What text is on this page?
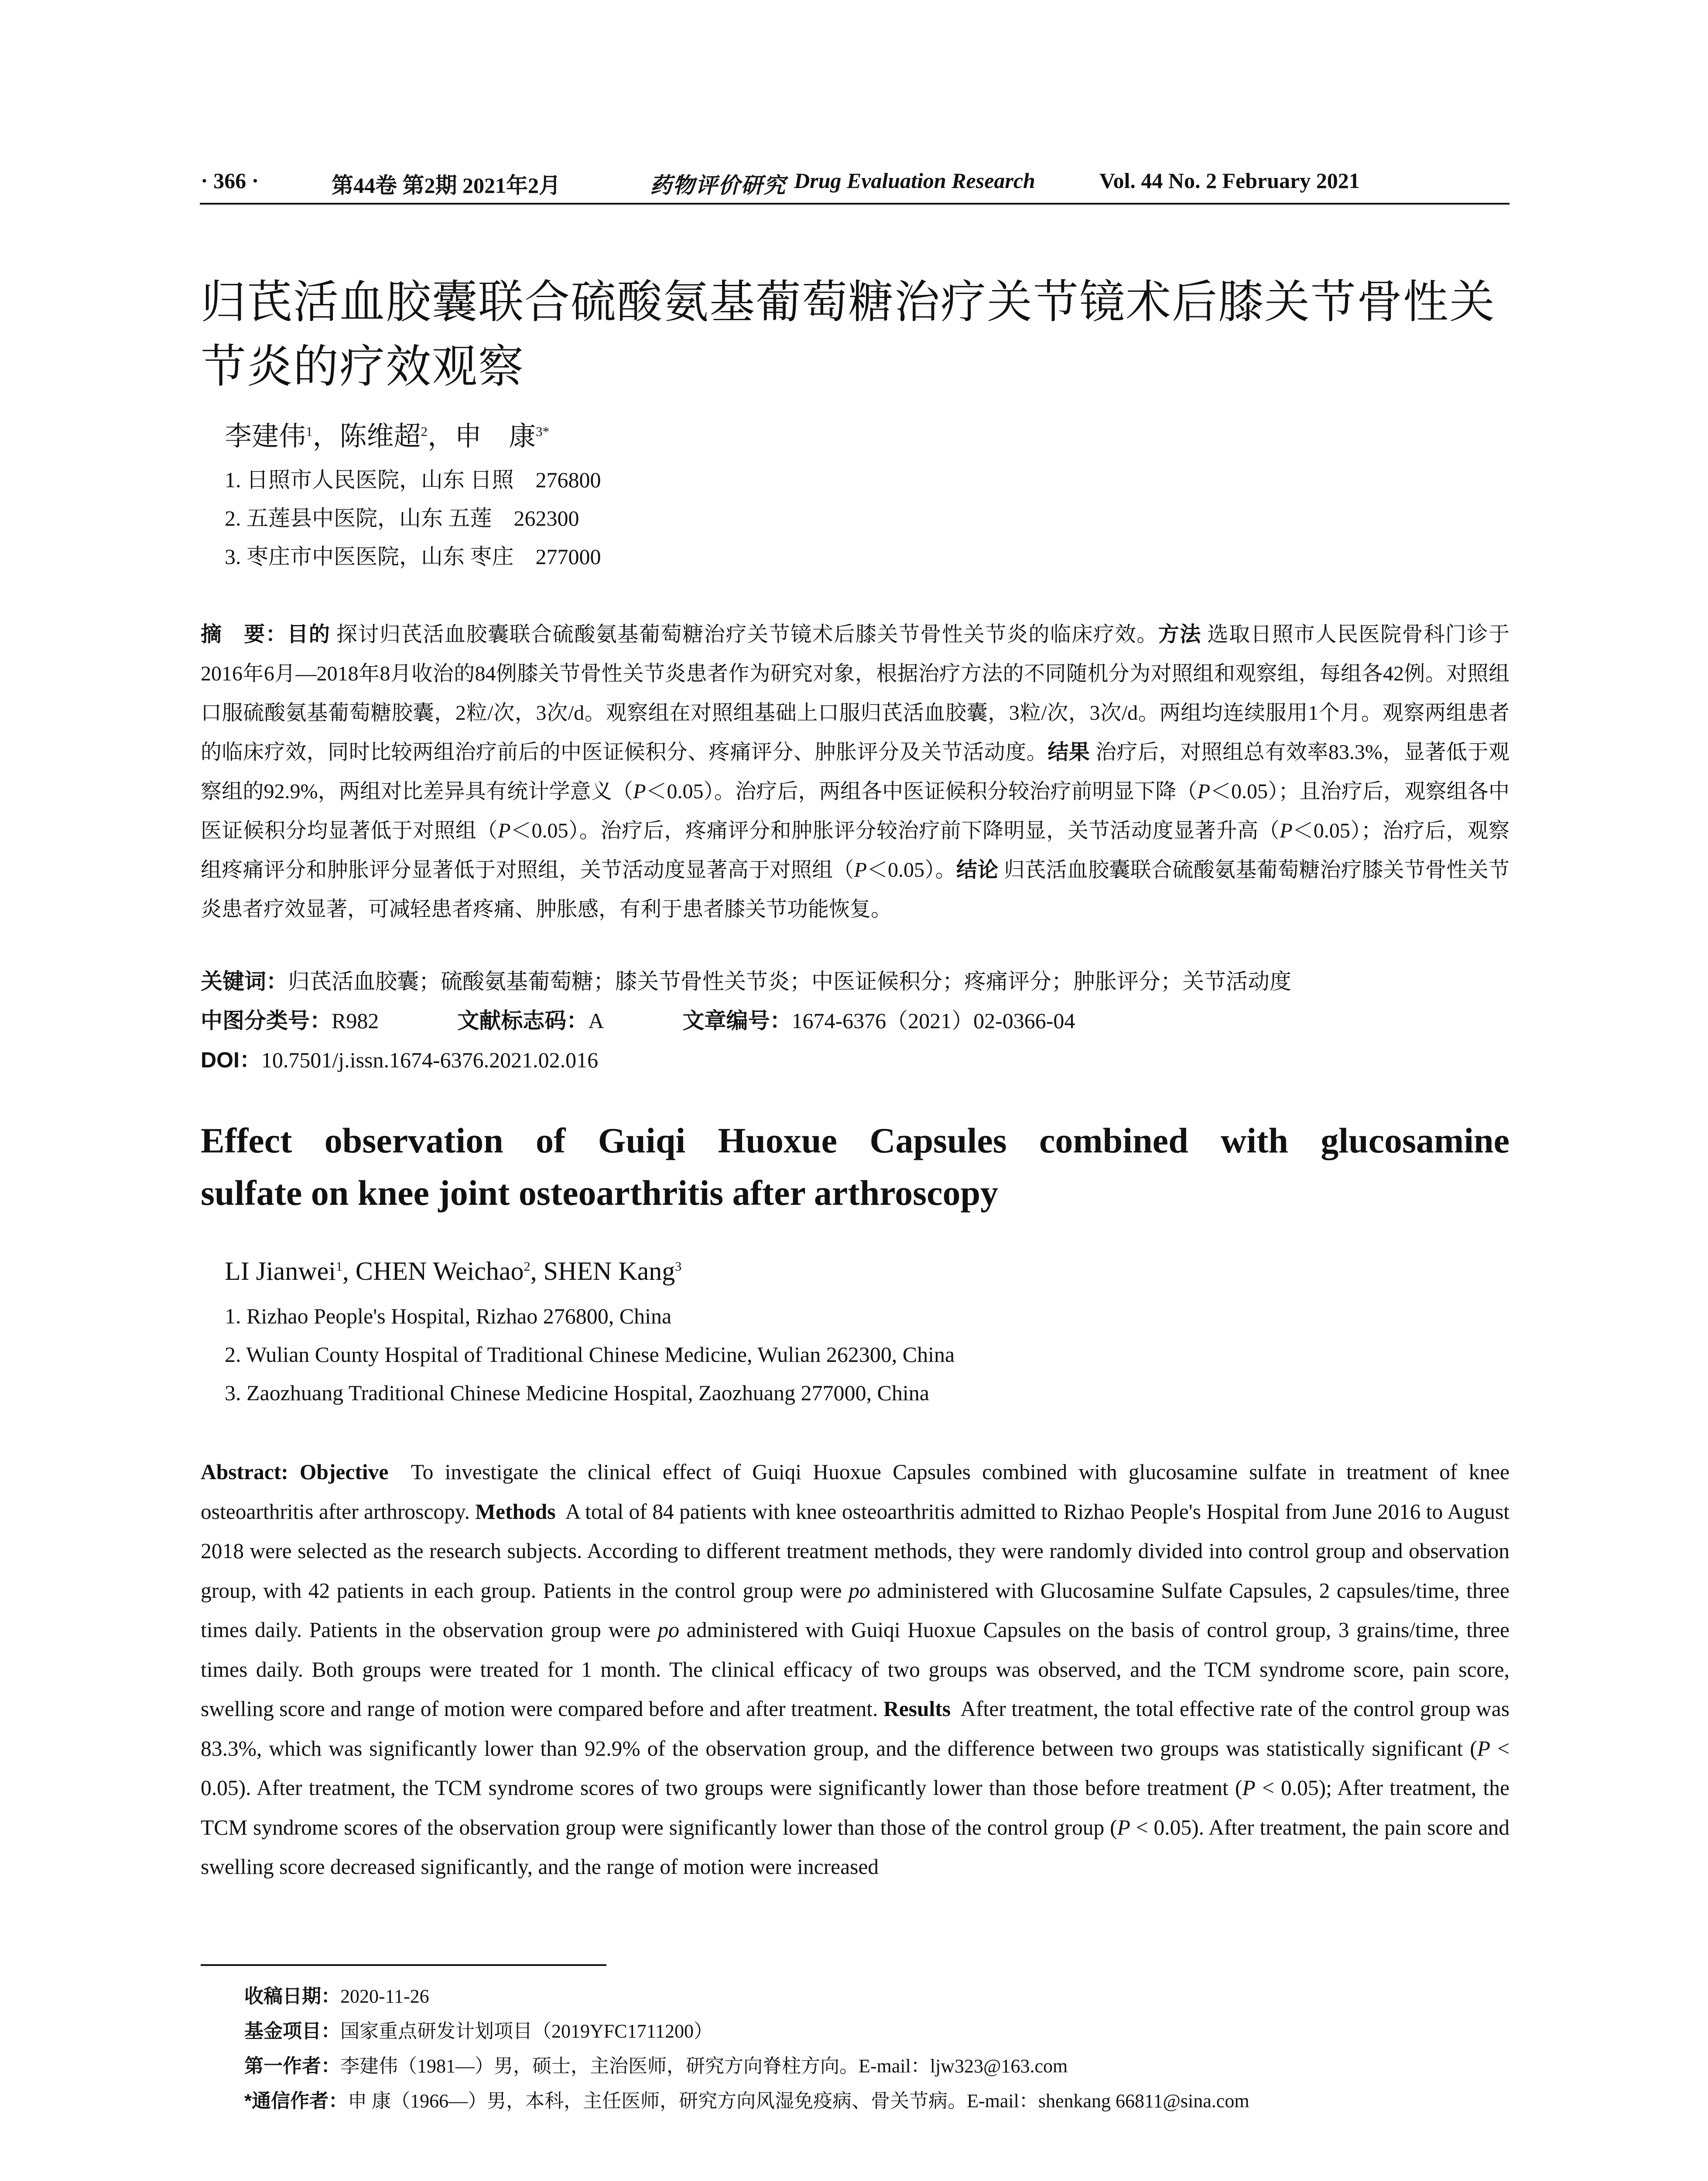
· 366 ·	第44卷 第2期 2021年2月	药物评价研究 Drug Evaluation Research	Vol. 44 No. 2 February 2021
归芪活血胶囊联合硫酸氨基葡萄糖治疗关节镜术后膝关节骨性关节炎的疗效观察
李建伟$^1$，陈维超$^2$，申　康$^{3*}$
1. 日照市人民医院，山东 日照　276800
2. 五莲县中医院，山东 五莲　262300
3. 枣庄市中医医院，山东 枣庄　277000
摘　要：目的 探讨归芪活血胶囊联合硫酸氨基葡萄糖治疗关节镜术后膝关节骨性关节炎的临床疗效。方法 选取日照市人民医院骨科门诊于2016年6月—2018年8月收治的84例膝关节骨性关节炎患者作为研究对象，根据治疗方法的不同随机分为对照组和观察组，每组各42例。对照组口服硫酸氨基葡萄糖胶囊，2粒/次，3次/d。观察组在对照组基础上口服归芪活血胶囊，3粒/次，3次/d。两组均连续服用1个月。观察两组患者的临床疗效，同时比较两组治疗前后的中医证候积分、疼痛评分、肿胀评分及关节活动度。结果 治疗后，对照组总有效率83.3%，显著低于观察组的92.9%，两组对比差异具有统计学意义（P＜0.05）。治疗后，两组各中医证候积分较治疗前明显下降（P＜0.05）；且治疗后，观察组各中医证候积分均显著低于对照组（P＜0.05）。治疗后，疼痛评分和肿胀评分较治疗前下降明显，关节活动度显著升高（P＜0.05）；治疗后，观察组疼痛评分和肿胀评分显著低于对照组，关节活动度显著高于对照组（P＜0.05）。结论 归芪活血胶囊联合硫酸氨基葡萄糖治疗膝关节骨性关节炎患者疗效显著，可减轻患者疼痛、肿胀感，有利于患者膝关节功能恢复。
关键词：归芪活血胶囊；硫酸氨基葡萄糖；膝关节骨性关节炎；中医证候积分；疼痛评分；肿胀评分；关节活动度
中图分类号：R982	文献标志码：A	文章编号：1674-6376（2021）02-0366-04
DOI：10.7501/j.issn.1674-6376.2021.02.016
Effect observation of Guiqi Huoxue Capsules combined with glucosamine
sulfate on knee joint osteoarthritis after arthroscopy
LI Jianwei$^1$, CHEN Weichao$^2$, SHEN Kang$^3$
1. Rizhao People's Hospital, Rizhao 276800, China
2. Wulian County Hospital of Traditional Chinese Medicine, Wulian 262300, China
3. Zaozhuang Traditional Chinese Medicine Hospital, Zaozhuang 277000, China
Abstract: Objective To investigate the clinical effect of Guiqi Huoxue Capsules combined with glucosamine sulfate in treatment of knee osteoarthritis after arthroscopy. Methods A total of 84 patients with knee osteoarthritis admitted to Rizhao People's Hospital from June 2016 to August 2018 were selected as the research subjects. According to different treatment methods, they were randomly divided into control group and observation group, with 42 patients in each group. Patients in the control group were po administered with Glucosamine Sulfate Capsules, 2 capsules/time, three times daily. Patients in the observation group were po administered with Guiqi Huoxue Capsules on the basis of control group, 3 grains/time, three times daily. Both groups were treated for 1 month. The clinical efficacy of two groups was observed, and the TCM syndrome score, pain score, swelling score and range of motion were compared before and after treatment. Results After treatment, the total effective rate of the control group was 83.3%, which was significantly lower than 92.9% of the observation group, and the difference between two groups was statistically significant (P < 0.05). After treatment, the TCM syndrome scores of two groups were significantly lower than those before treatment (P < 0.05); After treatment, the TCM syndrome scores of the observation group were significantly lower than those of the control group (P < 0.05). After treatment, the pain score and swelling score decreased significantly, and the range of motion were increased
收稿日期：2020-11-26
基金项目：国家重点研发计划项目（2019YFC1711200）
第一作者：李建伟（1981—）男，硕士，主治医师，研究方向脊柱方向。E-mail：ljw323@163.com
*通信作者：申 康（1966—）男，本科，主任医师，研究方向风湿免疫病、骨关节病。E-mail：shenkang 66811@sina.com
